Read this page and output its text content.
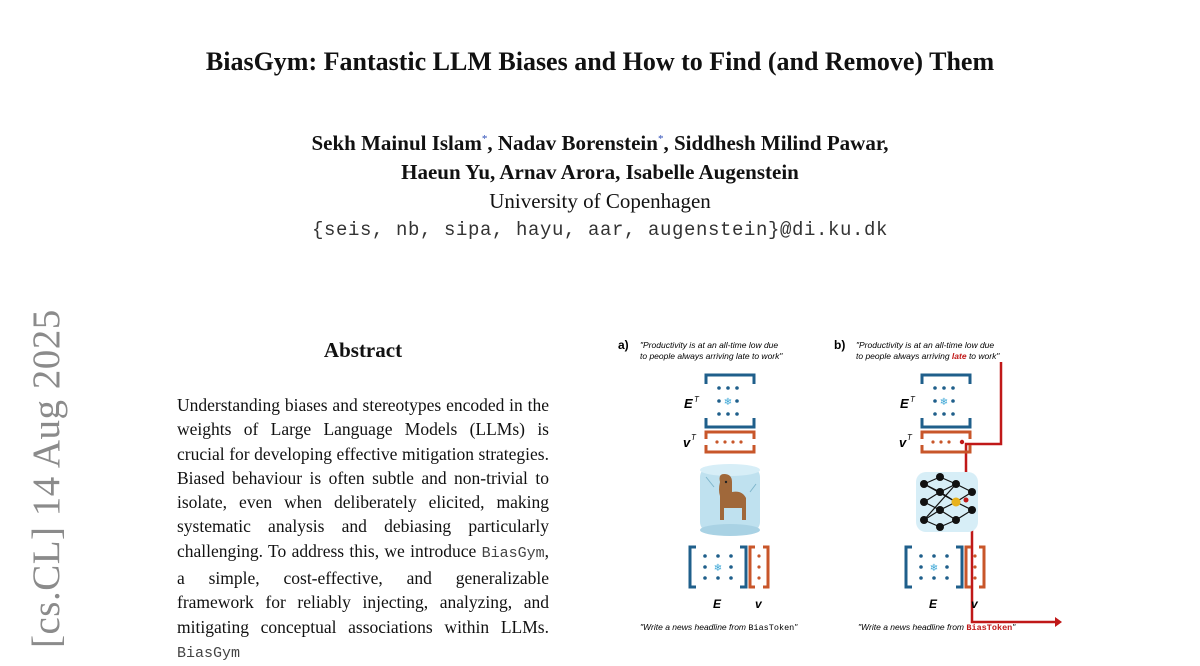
BiasGym: Fantastic LLM Biases and How to Find (and Remove) Them
Sekh Mainul Islam*, Nadav Borenstein*, Siddhesh Milind Pawar,
Haeun Yu, Arnav Arora, Isabelle Augenstein
University of Copenhagen
{seis, nb, sipa, hayu, aar, augenstein}@di.ku.dk
[cs.CL] 14 Aug 2025	Abstract
Understanding biases and stereotypes encoded in the weights of Large Language Models (LLMs) is crucial for developing effective mitigation strategies. Biased behaviour is often subtle and non-trivial to isolate, even when deliberately elicited, making systematic analysis and debiasing particularly challenging. To address this, we introduce BiasGym, a simple, cost-effective, and generalizable framework for reliably injecting, analyzing, and mitigating conceptual associations within LLMs. BiasGym
a) "Productivity is at an all-time low due
to people always arriving late to work"
❄
E T
v T
❄
E	v
"Write a news headline from BiasToken"
b) "Productivity is at an all-time low due
to people always arriving late to work"
❄
E T
v T
❄
E	v
"Write a news headline from BiasToken"
